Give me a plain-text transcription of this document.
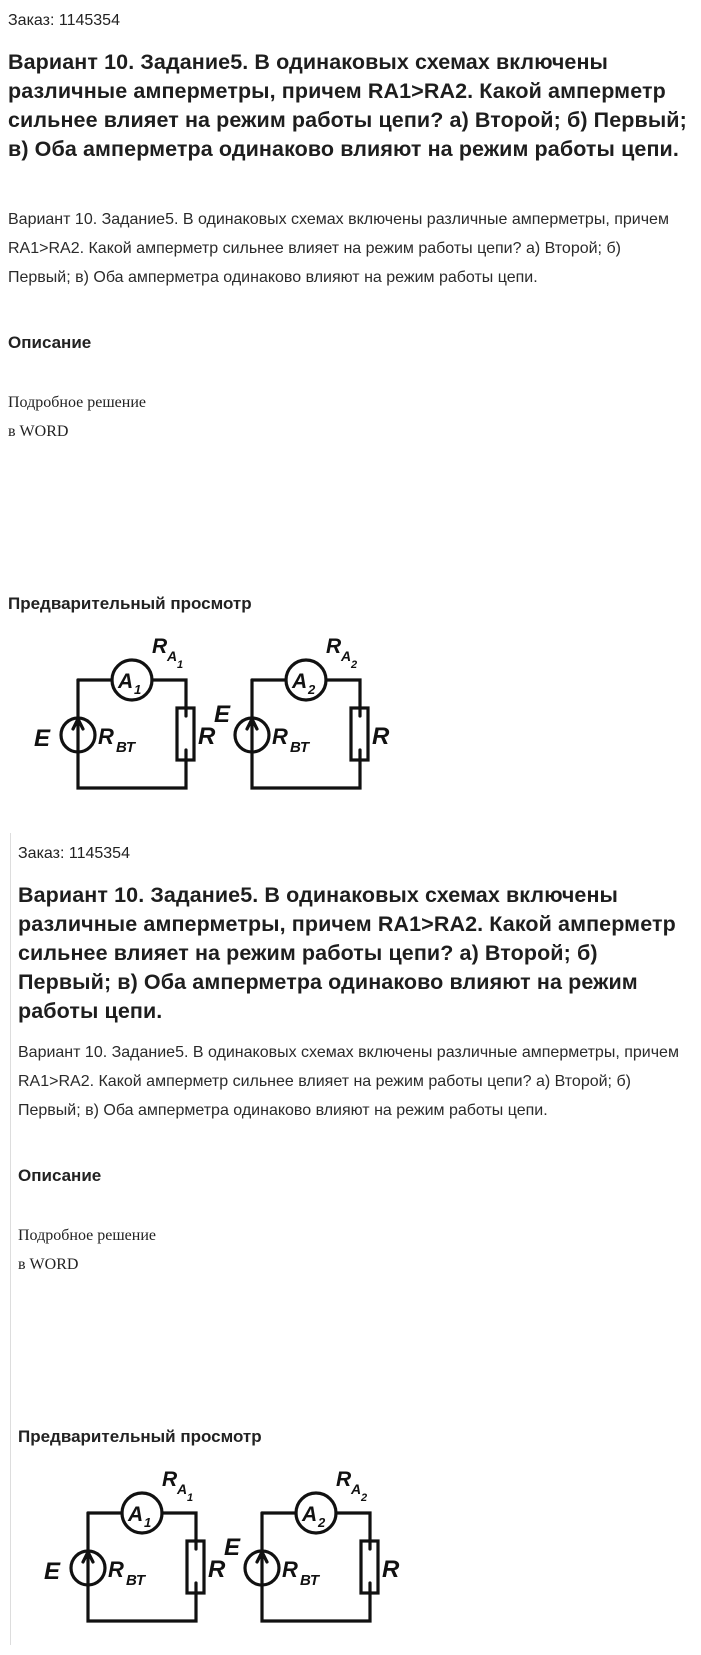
Заказ: 1145354
Вариант 10. Задание5. В одинаковых схемах включены различные амперметры, причем RA1>RA2. Какой амперметр сильнее влияет на режим работы цепи? а) Второй; б) Первый; в) Оба амперметра одинаково влияют на режим работы цепи.
Вариант 10. Задание5. В одинаковых схемах включены различные амперметры, причем RA1>RA2. Какой амперметр сильнее влияет на режим работы цепи? а) Второй; б) Первый; в) Оба амперметра одинаково влияют на режим работы цепи.
Описание
Подробное решение
в WORD
Предварительный просмотр
E R ВТ
A 1
R A
1
R
E
R ВТ
A 2
R A
2
R
Заказ: 1145354
Вариант 10. Задание5. В одинаковых схемах включены различные амперметры, причем RA1>RA2. Какой амперметр сильнее влияет на режим работы цепи? а) Второй; б) Первый; в) Оба амперметра одинаково влияют на режим работы цепи.
Вариант 10. Задание5. В одинаковых схемах включены различные амперметры, причем RA1>RA2. Какой амперметр сильнее влияет на режим работы цепи? а) Второй; б) Первый; в) Оба амперметра одинаково влияют на режим работы цепи.
Описание
Подробное решение
в WORD
Предварительный просмотр
E R ВТ
A 1
R A
1
R
E
R ВТ
A 2
R A
2
R
